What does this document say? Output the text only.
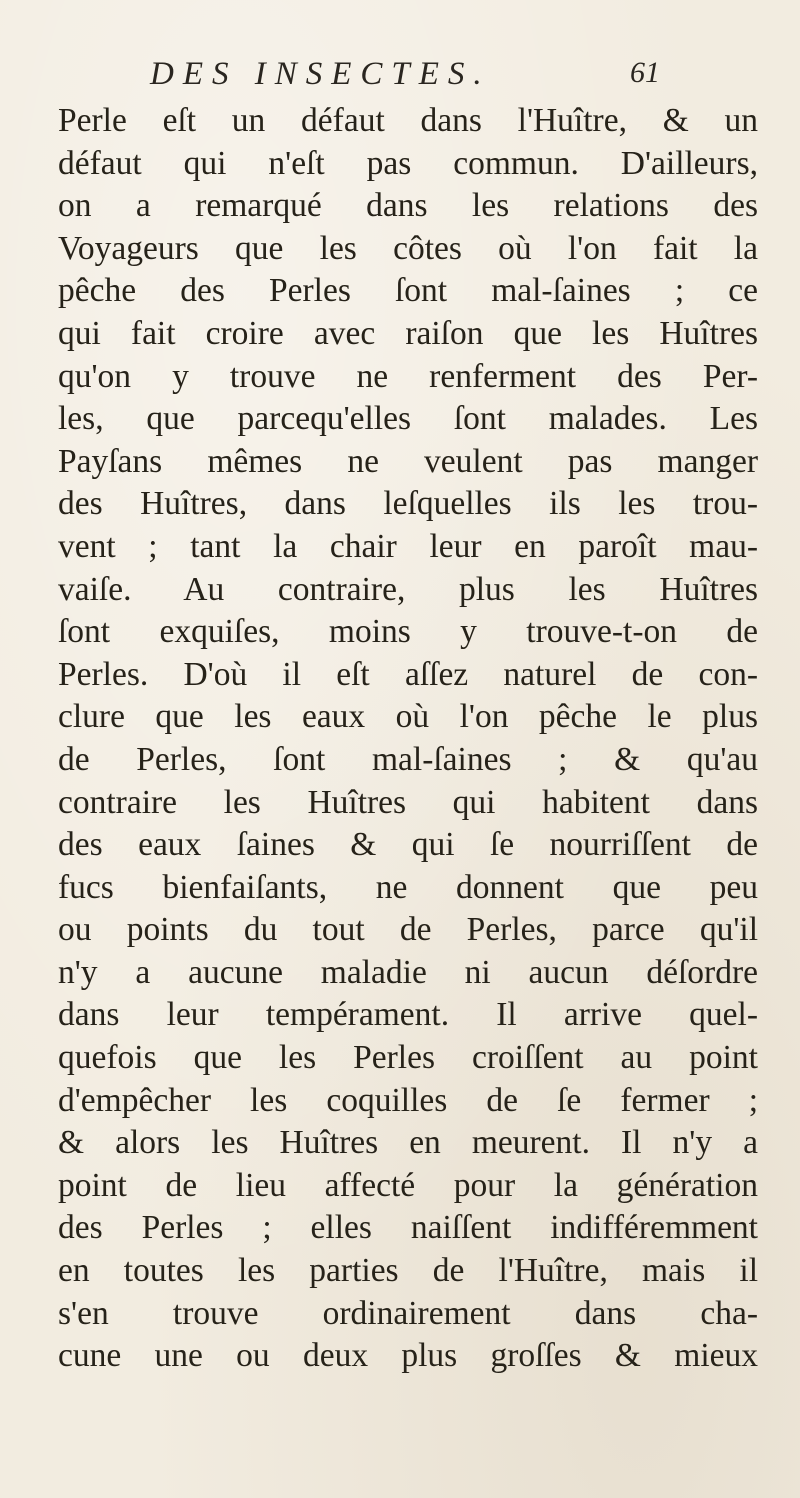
DES INSECTES.	61
Perle eſt un défaut dans l'Huître, & un
défaut qui n'eſt pas commun. D'ailleurs,
on a remarqué dans les relations des
Voyageurs que les côtes où l'on fait la
pêche des Perles ſont mal-ſaines ; ce
qui fait croire avec raiſon que les Huîtres
qu'on y trouve ne renferment des Per-
les, que parcequ'elles ſont malades. Les
Payſans mêmes ne veulent pas manger
des Huîtres, dans leſquelles ils les trou-
vent ; tant la chair leur en paroît mau-
vaiſe. Au contraire, plus les Huîtres
ſont exquiſes, moins y trouve-t-on de
Perles. D'où il eſt aſſez naturel de con-
clure que les eaux où l'on pêche le plus
de Perles, ſont mal-ſaines ; & qu'au
contraire les Huîtres qui habitent dans
des eaux ſaines & qui ſe nourriſſent de
fucs bienfaiſants, ne donnent que peu
ou points du tout de Perles, parce qu'il
n'y a aucune maladie ni aucun déſordre
dans leur tempérament. Il arrive quel-
quefois que les Perles croiſſent au point
d'empêcher les coquilles de ſe fermer ;
& alors les Huîtres en meurent. Il n'y a
point de lieu affecté pour la génération
des Perles ; elles naiſſent indifféremment
en toutes les parties de l'Huître, mais il
s'en trouve ordinairement dans cha-
cune une ou deux plus groſſes & mieux
